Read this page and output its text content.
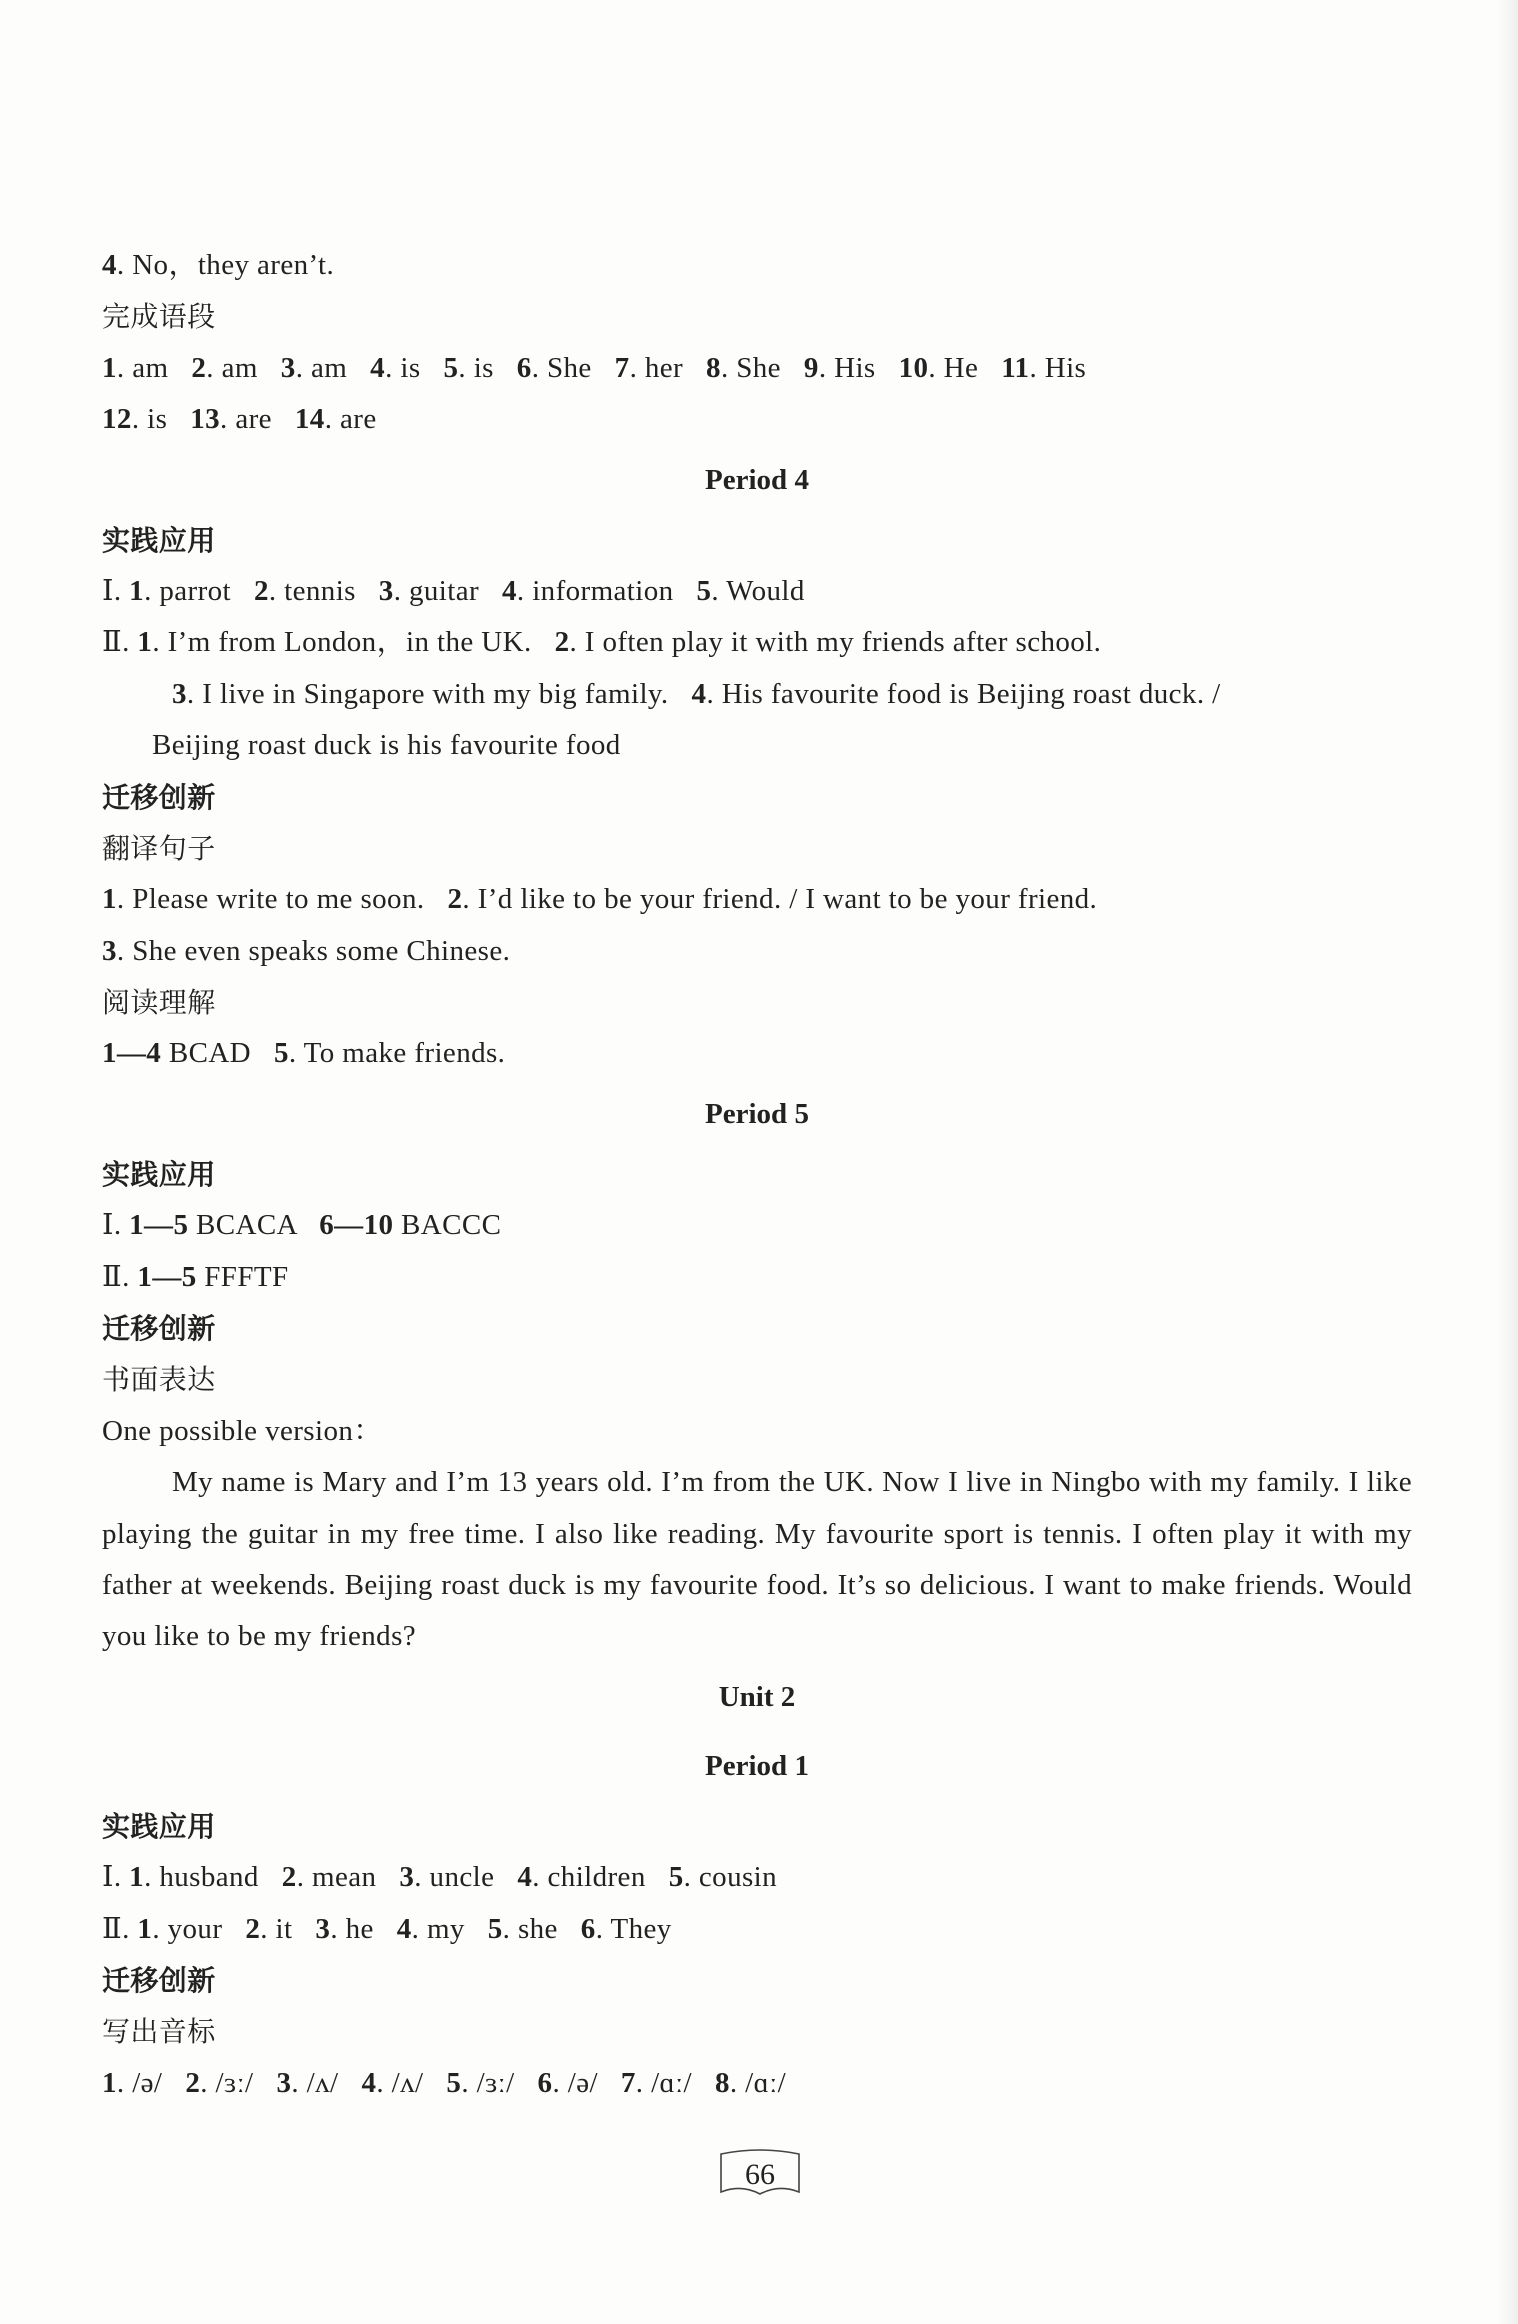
4. No，they aren’t.
完成语段
1. am   2. am   3. am   4. is   5. is   6. She   7. her   8. She   9. His   10. He   11. His
12. is   13. are   14. are
Period 4
实践应用
Ⅰ. 1. parrot   2. tennis   3. guitar   4. information   5. Would
Ⅱ. 1. I’m from London，in the UK.   2. I often play it with my friends after school.
3. I live in Singapore with my big family.   4. His favourite food is Beijing roast duck. /
Beijing roast duck is his favourite food
迁移创新
翻译句子
1. Please write to me soon.   2. I’d like to be your friend. / I want to be your friend.
3. She even speaks some Chinese.
阅读理解
1—4 BCAD   5. To make friends.
Period 5
实践应用
Ⅰ. 1—5 BCACA   6—10 BACCC
Ⅱ. 1—5 FFFTF
迁移创新
书面表达
One possible version：
My name is Mary and I’m 13 years old. I’m from the UK. Now I live in Ningbo with my family. I like playing the guitar in my free time. I also like reading. My favourite sport is tennis. I often play it with my father at weekends. Beijing roast duck is my favourite food. It’s so delicious. I want to make friends. Would you like to be my friends?
Unit 2
Period 1
实践应用
Ⅰ. 1. husband   2. mean   3. uncle   4. children   5. cousin
Ⅱ. 1. your   2. it   3. he   4. my   5. she   6. They
迁移创新
写出音标
1. /ə/   2. /ɜː/   3. /ʌ/   4. /ʌ/   5. /ɜː/   6. /ə/   7. /ɑː/   8. /ɑː/
66
